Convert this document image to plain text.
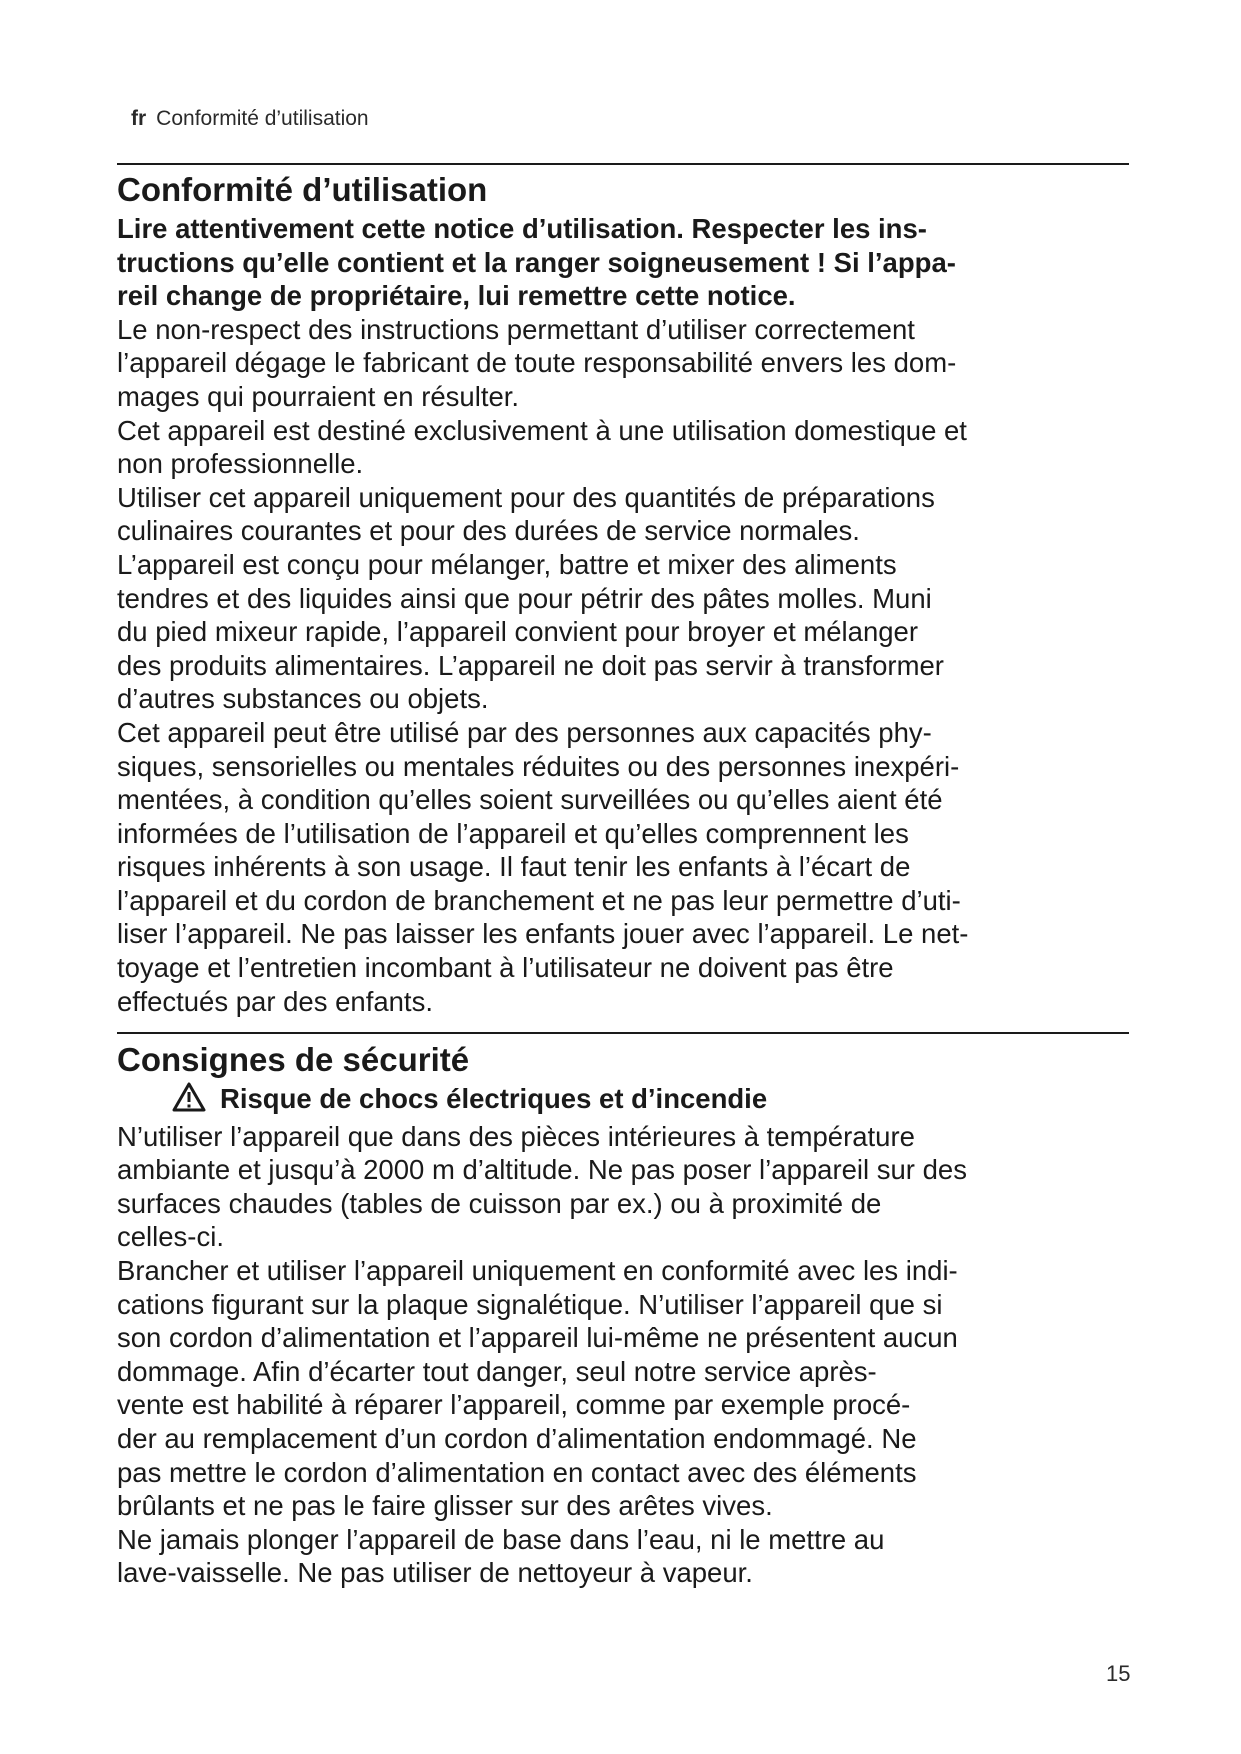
fr Conformité d’utilisation
Conformité d’utilisation

Lire attentivement cette notice d’utilisation. Respecter les ins-
tructions qu’elle contient et la ranger soigneusement ! Si l’appa-
reil change de propriétaire, lui remettre cette notice.

Le non-respect des instructions permettant d’utiliser correctement
l’appareil dégage le fabricant de toute responsabilité envers les dom-
mages qui pourraient en résulter.
Cet appareil est destiné exclusivement à une utilisation domestique et
non professionnelle.
Utiliser cet appareil uniquement pour des quantités de préparations
culinaires courantes et pour des durées de service normales.
L’appareil est conçu pour mélanger, battre et mixer des aliments
tendres et des liquides ainsi que pour pétrir des pâtes molles. Muni
du pied mixeur rapide, l’appareil convient pour broyer et mélanger
des produits alimentaires. L’appareil ne doit pas servir à transformer
d’autres substances ou objets.
Cet appareil peut être utilisé par des personnes aux capacités phy-
siques, sensorielles ou mentales réduites ou des personnes inexpéri-
mentées, à condition qu’elles soient surveillées ou qu’elles aient été
informées de l’utilisation de l’appareil et qu’elles comprennent les
risques inhérents à son usage. Il faut tenir les enfants à l’écart de
l’appareil et du cordon de branchement et ne pas leur permettre d’uti-
liser l’appareil. Ne pas laisser les enfants jouer avec l’appareil. Le net-
toyage et l’entretien incombant à l’utilisateur ne doivent pas être
effectués par des enfants.

Consignes de sécurité

Risque de chocs électriques et d’incendie

N’utiliser l’appareil que dans des pièces intérieures à température
ambiante et jusqu’à 2000 m d’altitude. Ne pas poser l’appareil sur des
surfaces chaudes (tables de cuisson par ex.) ou à proximité de
celles-ci.
Brancher et utiliser l’appareil uniquement en conformité avec les indi-
cations figurant sur la plaque signalétique. N’utiliser l’appareil que si
son cordon d’alimentation et l’appareil lui-même ne présentent aucun
dommage. Afin d’écarter tout danger, seul notre service après-
vente est habilité à réparer l’appareil, comme par exemple procé-
der au remplacement d’un cordon d’alimentation endommagé. Ne
pas mettre le cordon d’alimentation en contact avec des éléments
brûlants et ne pas le faire glisser sur des arêtes vives.
Ne jamais plonger l’appareil de base dans l’eau, ni le mettre au
lave-vaisselle. Ne pas utiliser de nettoyeur à vapeur.

15
